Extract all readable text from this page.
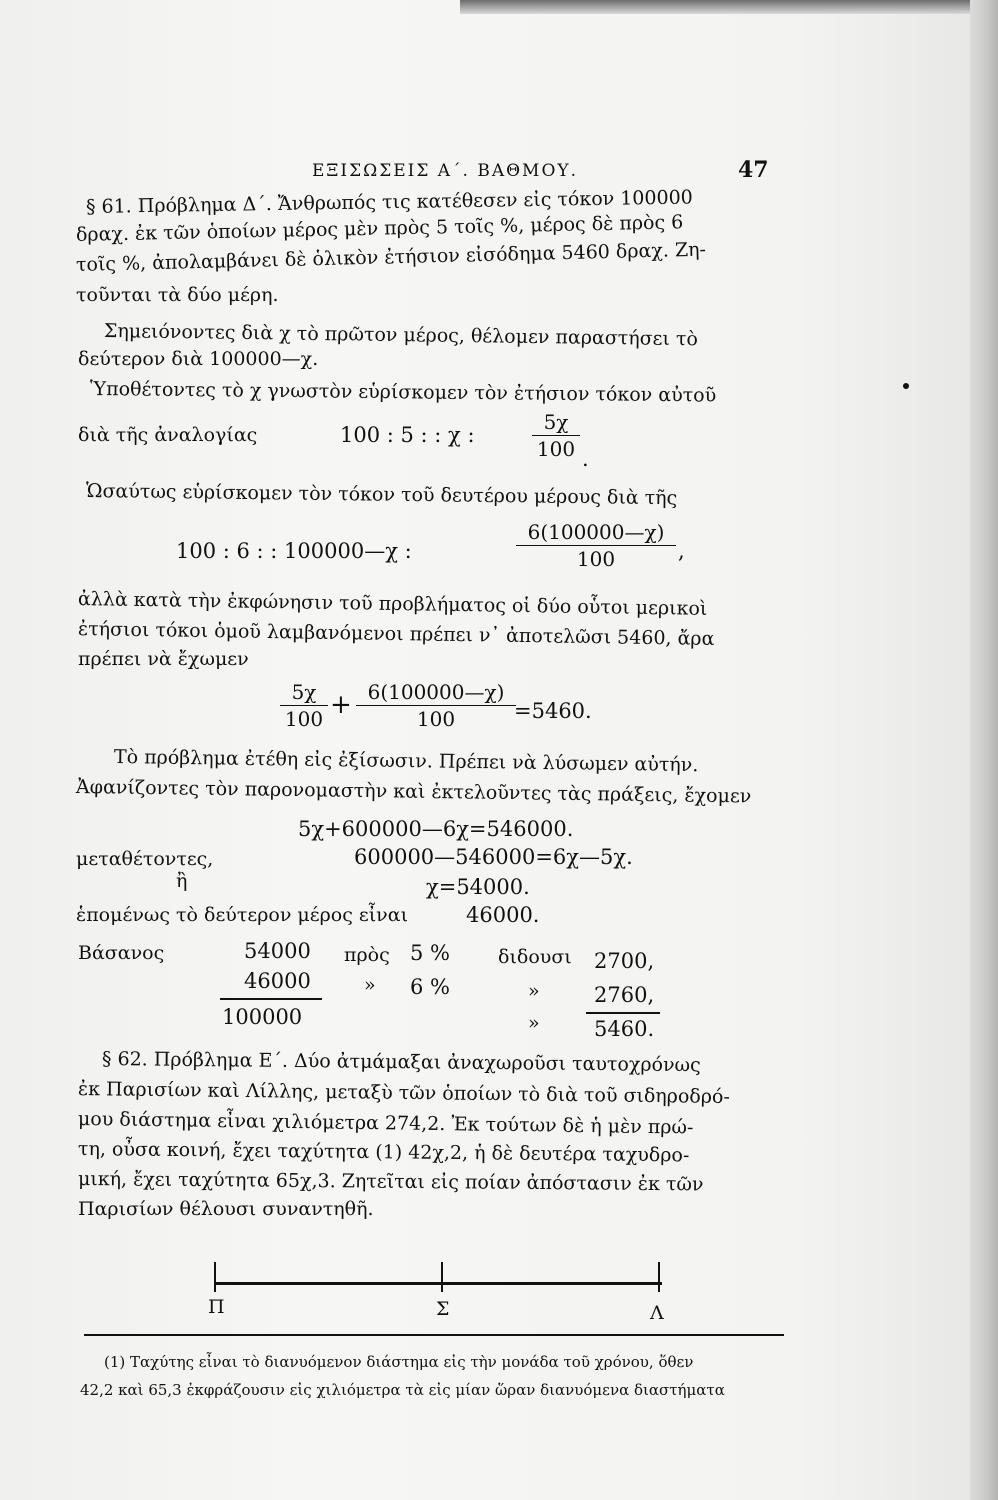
ΕΞΙΣΩΣΕΙΣ Α΄. ΒΑΘΜΟΥ.	47
§ 61. Πρόβλημα Δ΄. Ἄνθρωπός τις κατέθεσεν εἰς τόκον 100000
δραχ. ἐκ τῶν ὁποίων μέρος μὲν πρὸς 5 τοῖς %, μέρος δὲ πρὸς 6
τοῖς %, ἀπολαμβάνει δὲ ὁλικὸν ἐτήσιον εἰσόδημα 5460 δραχ. Ζη-
τοῦνται τὰ δύο μέρη.
Σημειόνοντες διὰ χ τὸ πρῶτον μέρος, θέλομεν παραστήσει τὸ
δεύτερον διὰ 100000—χ.
Ὑποθέτοντες τὸ χ γνωστὸν εὑρίσκομεν τὸν ἐτήσιον τόκον αὐτοῦ
διὰ τῆς ἀναλογίας	100 : 5 : : χ :
5χ
100 .
Ὡσαύτως εὑρίσκομεν τὸν τόκον τοῦ δευτέρου μέρους διὰ τῆς
100 : 6 : : 100000—χ :
6(100000—χ)
100	,
ἀλλὰ κατὰ τὴν ἐκφώνησιν τοῦ προβλήματος οἱ δύο οὗτοι μερικοὶ
ἐτήσιοι τόκοι ὁμοῦ λαμβανόμενοι πρέπει ν᾽ ἀποτελῶσι 5460, ἄρα
πρέπει νὰ ἔχωμεν
5χ
100 + 6(100000—χ)
100	=5460.
Τὸ πρόβλημα ἐτέθη εἰς ἐξίσωσιν. Πρέπει νὰ λύσωμεν αὐτήν.
Ἀφανίζοντες τὸν παρονομαστὴν καὶ ἐκτελοῦντες τὰς πράξεις, ἔχομεν
5χ+600000—6χ=546000.
μεταθέτοντες,	600000—546000=6χ—5χ.
ἢ	χ=54000.
ἑπομένως τὸ δεύτερον μέρος εἶναι	46000.
Βάσανος	54000 πρὸς 5 %	διδουσι 2700,
46000	» 6 %	»	2760,
100000	»	5460.
§ 62. Πρόβλημα Ε΄. Δύο ἀτμάμαξαι ἀναχωροῦσι ταυτοχρόνως
ἐκ Παρισίων καὶ Λίλλης, μεταξὺ τῶν ὁποίων τὸ διὰ τοῦ σιδηροδρό-
μου διάστημα εἶναι χιλιόμετρα 274,2. Ἐκ τούτων δὲ ἡ μὲν πρώ-
τη, οὖσα κοινή, ἔχει ταχύτητα (1) 42χ,2, ἡ δὲ δευτέρα ταχυδρο-
μική, ἔχει ταχύτητα 65χ,3. Ζητεῖται εἰς ποίαν ἀπόστασιν ἐκ τῶν
Παρισίων θέλουσι συναντηθῆ.
Π	Σ	Λ
(1) Ταχύτης εἶναι τὸ διανυόμενον διάστημα εἰς τὴν μονάδα τοῦ χρόνου, ὅθεν
42,2 καὶ 65,3 ἐκφράζουσιν εἰς χιλιόμετρα τὰ εἰς μίαν ὥραν διανυόμενα διαστήματα
